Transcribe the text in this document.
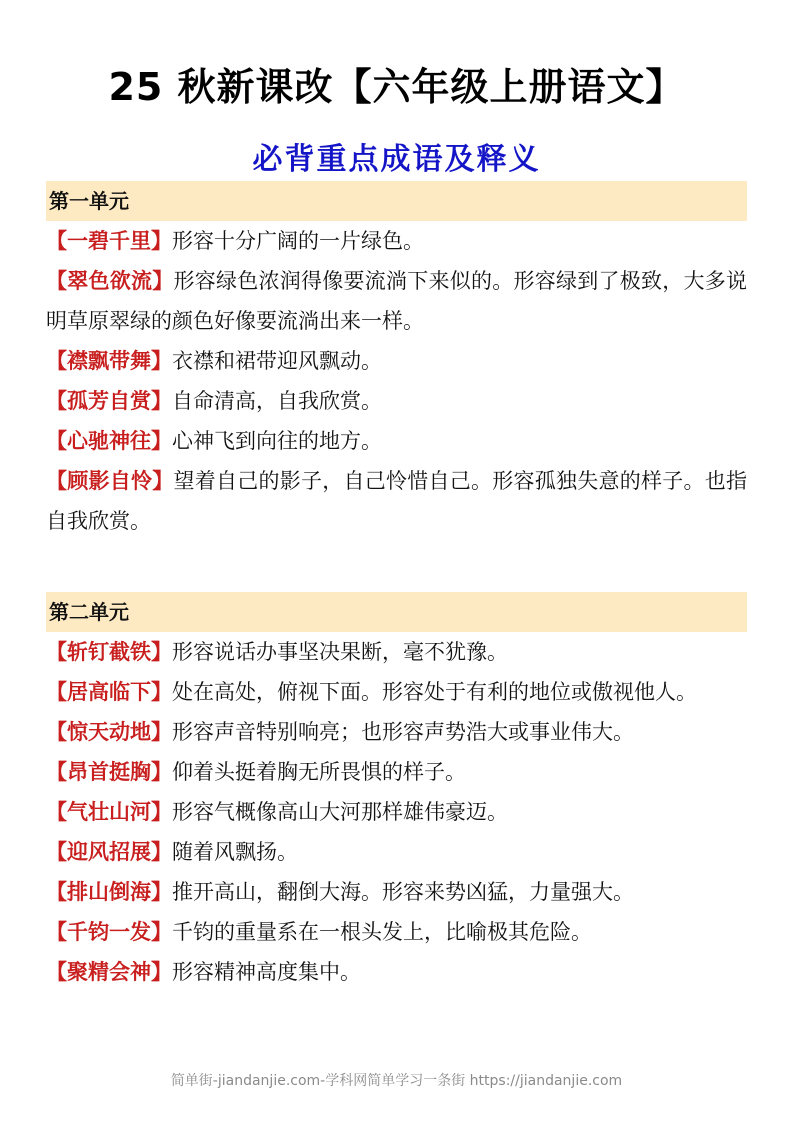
25 秋新课改【六年级上册语文】
必背重点成语及释义
第一单元
【一碧千里】形容十分广阔的一片绿色。
【翠色欲流】形容绿色浓润得像要流淌下来似的。形容绿到了极致，大多说明草原翠绿的颜色好像要流淌出来一样。
【襟飘带舞】衣襟和裙带迎风飘动。
【孤芳自赏】自命清高，自我欣赏。
【心驰神往】心神飞到向往的地方。
【顾影自怜】望着自己的影子，自己怜惜自己。形容孤独失意的样子。也指自我欣赏。
第二单元
【斩钉截铁】形容说话办事坚决果断，毫不犹豫。
【居高临下】处在高处，俯视下面。形容处于有利的地位或傲视他人。
【惊天动地】形容声音特别响亮；也形容声势浩大或事业伟大。
【昂首挺胸】仰着头挺着胸无所畏惧的样子。
【气壮山河】形容气概像高山大河那样雄伟豪迈。
【迎风招展】随着风飘扬。
【排山倒海】推开高山，翻倒大海。形容来势凶猛，力量强大。
【千钧一发】千钧的重量系在一根头发上，比喻极其危险。
【聚精会神】形容精神高度集中。
简单街-jiandanjie.com-学科网简单学习一条街 https://jiandanjie.com
